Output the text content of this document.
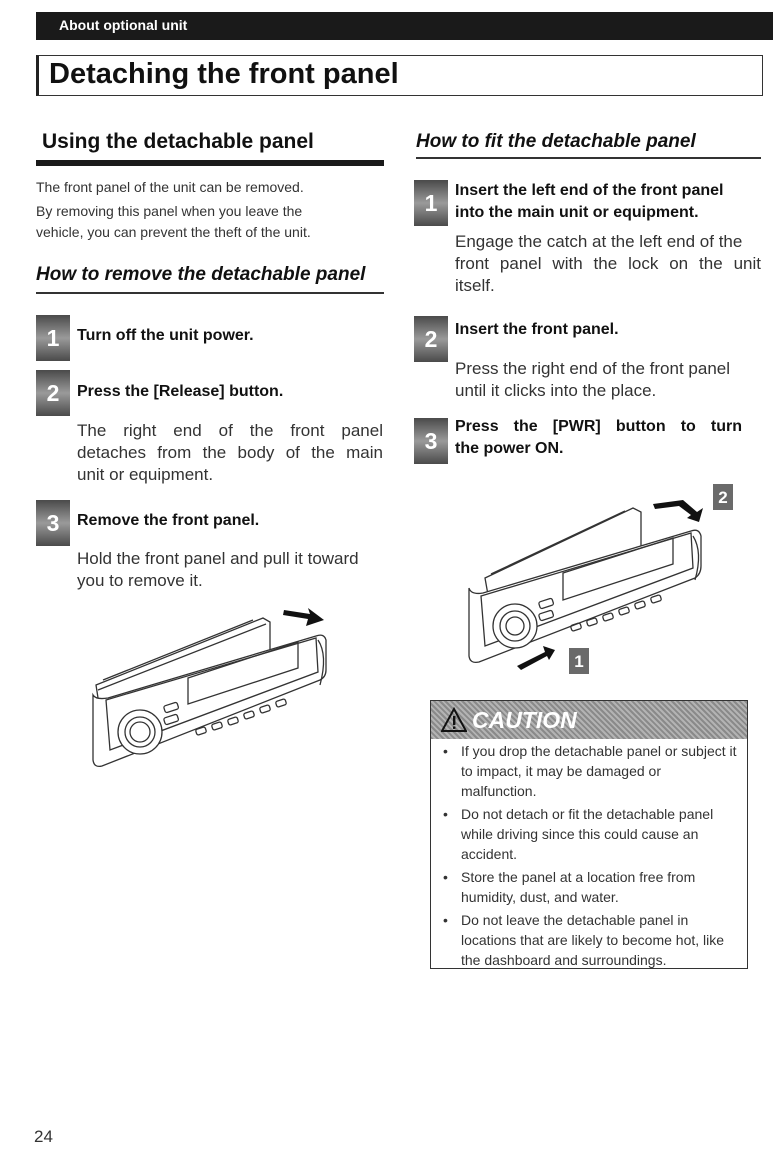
About optional unit
Detaching the front panel
Using the detachable panel
The front panel of the unit can be removed.
By removing this panel when you leave the
vehicle, you can prevent the theft of the unit.
How to remove the detachable panel
1	Turn off the unit power.
2	Press the [Release] button.
The right end of the front panel
detaches from the body of the main
unit or equipment.
3	Remove the front panel.
Hold the front panel and pull it toward
you to remove it.
How to fit the detachable panel
1	Insert the left end of the front panel
into the main unit or equipment.
Engage the catch at the left end of the
front panel with the lock on the unit
itself.
2	Insert the front panel.
Press the right end of the front panel
until it clicks into the place.
3
Press the [PWR] button to turn
the power ON.
2
1
CAUTION
• If you drop the detachable panel or subject it to impact, it may be damaged or malfunction.
• Do not detach or fit the detachable panel while driving since this could cause an accident.
• Store the panel at a location free from humidity, dust, and water.
• Do not leave the detachable panel in locations that are likely to become hot, like the dashboard and surroundings.
24
